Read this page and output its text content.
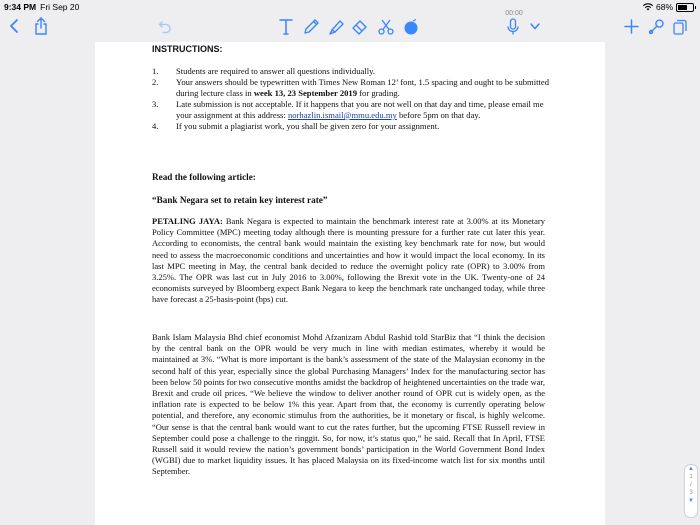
9:34 PM Fri Sep 20	68%
00:00
INSTRUCTIONS:
1.	Students are required to answer all questions individually.
2.	Your answers should be typewritten with Times New Roman 12’ font, 1.5 spacing and ought to be submitted during lecture class in week 13, 23 September 2019 for grading.
3.	Late submission is not acceptable. If it happens that you are not well on that day and time, please email me your assignment at this address: norhazlin.ismail@mmu.edu.my before 5pm on that day.
4.	If you submit a plagiarist work, you shall be given zero for your assignment.
Read the following article:
“Bank Negara set to retain key interest rate”
PETALING JAYA: Bank Negara is expected to maintain the benchmark interest rate at 3.00% at its Monetary Policy Committee (MPC) meeting today although there is mounting pressure for a further rate cut later this year. According to economists, the central bank would maintain the existing key benchmark rate for now, but would need to assess the macroeconomic conditions and uncertainties and how it would impact the local economy. In its last MPC meeting in May, the central bank decided to reduce the overnight policy rate (OPR) to 3.00% from 3.25%. The OPR was last cut in July 2016 to 3.00%, following the Brexit vote in the UK. Twenty-one of 24 economists surveyed by Bloomberg expect Bank Negara to keep the benchmark rate unchanged today, while three have forecast a 25-basis-point (bps) cut.
Bank Islam Malaysia Bhd chief economist Mohd Afzanizam Abdul Rashid told StarBiz that “I think the decision by the central bank on the OPR would be very much in line with median estimates, whereby it would be maintained at 3%. “What is more important is the bank’s assessment of the state of the Malaysian economy in the second half of this year, especially since the global Purchasing Managers’ Index for the manufacturing sector has been below 50 points for two consecutive months amidst the backdrop of heightened uncertainties on the trade war, Brexit and crude oil prices. “We believe the window to deliver another round of OPR cut is widely open, as the inflation rate is expected to be below 1% this year. Apart from that, the economy is currently operating below potential, and therefore, any economic stimulus from the authorities, be it monetary or fiscal, is highly welcome. “Our sense is that the central bank would want to cut the rates further, but the upcoming FTSE Russell review in September could pose a challenge to the ringgit. So, for now, it’s status quo,” he said. Recall that In April, FTSE Russell said it would review the nation’s government bonds’ participation in the World Government Bond Index (WGBI) due to market liquidity issues. It has placed Malaysia on its fixed-income watch list for six months until September.	▲
1
/
3
▼
